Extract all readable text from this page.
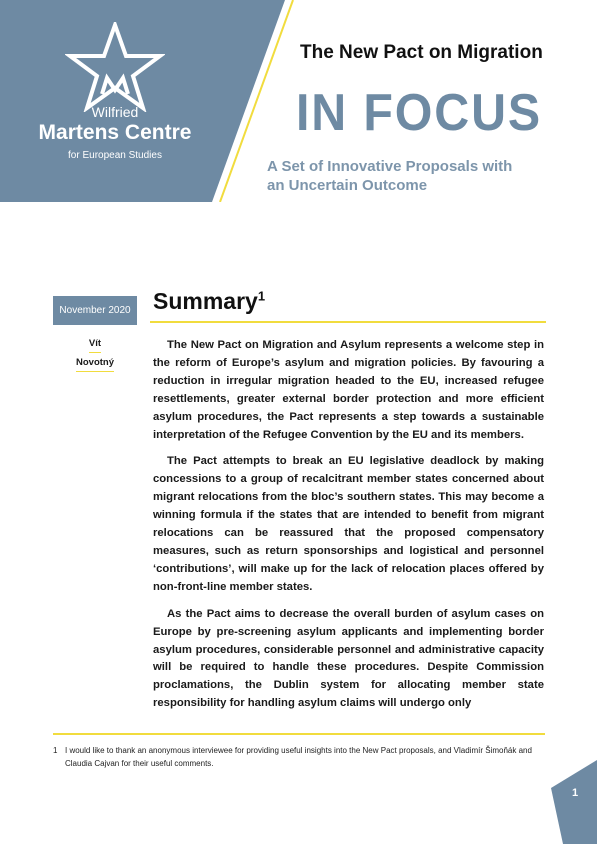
Wilfried
Martens Centre
for European Studies
The New Pact on Migration
IN FOCUS
A Set of Innovative Proposals with
an Uncertain Outcome
November 2020
Vít
Novotný
Summary$^1$

The New Pact on Migration and Asylum represents a welcome step in the reform of Europe’s asylum and migration policies. By favouring a reduction in irregular migration headed to the EU, increased refugee resettlements, greater external border protection and more efficient asylum procedures, the Pact represents a step towards a sustainable interpretation of the Refugee Convention by the EU and its members.

The Pact attempts to break an EU legislative deadlock by making concessions to a group of recalcitrant member states concerned about migrant relocations from the bloc’s southern states. This may become a winning formula if the states that are intended to benefit from migrant relocations can be reassured that the proposed compensatory measures, such as return sponsorships and logistical and personnel ‘contributions’, will make up for the lack of relocation places offered by non-front-line member states.

As the Pact aims to decrease the overall burden of asylum cases on Europe by pre-screening asylum applicants and implementing border asylum procedures, considerable personnel and administrative capacity will be required to handle these procedures. Despite Commission proclamations, the Dublin system for allocating member state responsibility for handling asylum claims will undergo only

1 I would like to thank an anonymous interviewee for providing useful insights into the New Pact proposals, and Vladimír Šimoňák and Claudia Cajvan for their useful comments.
1
